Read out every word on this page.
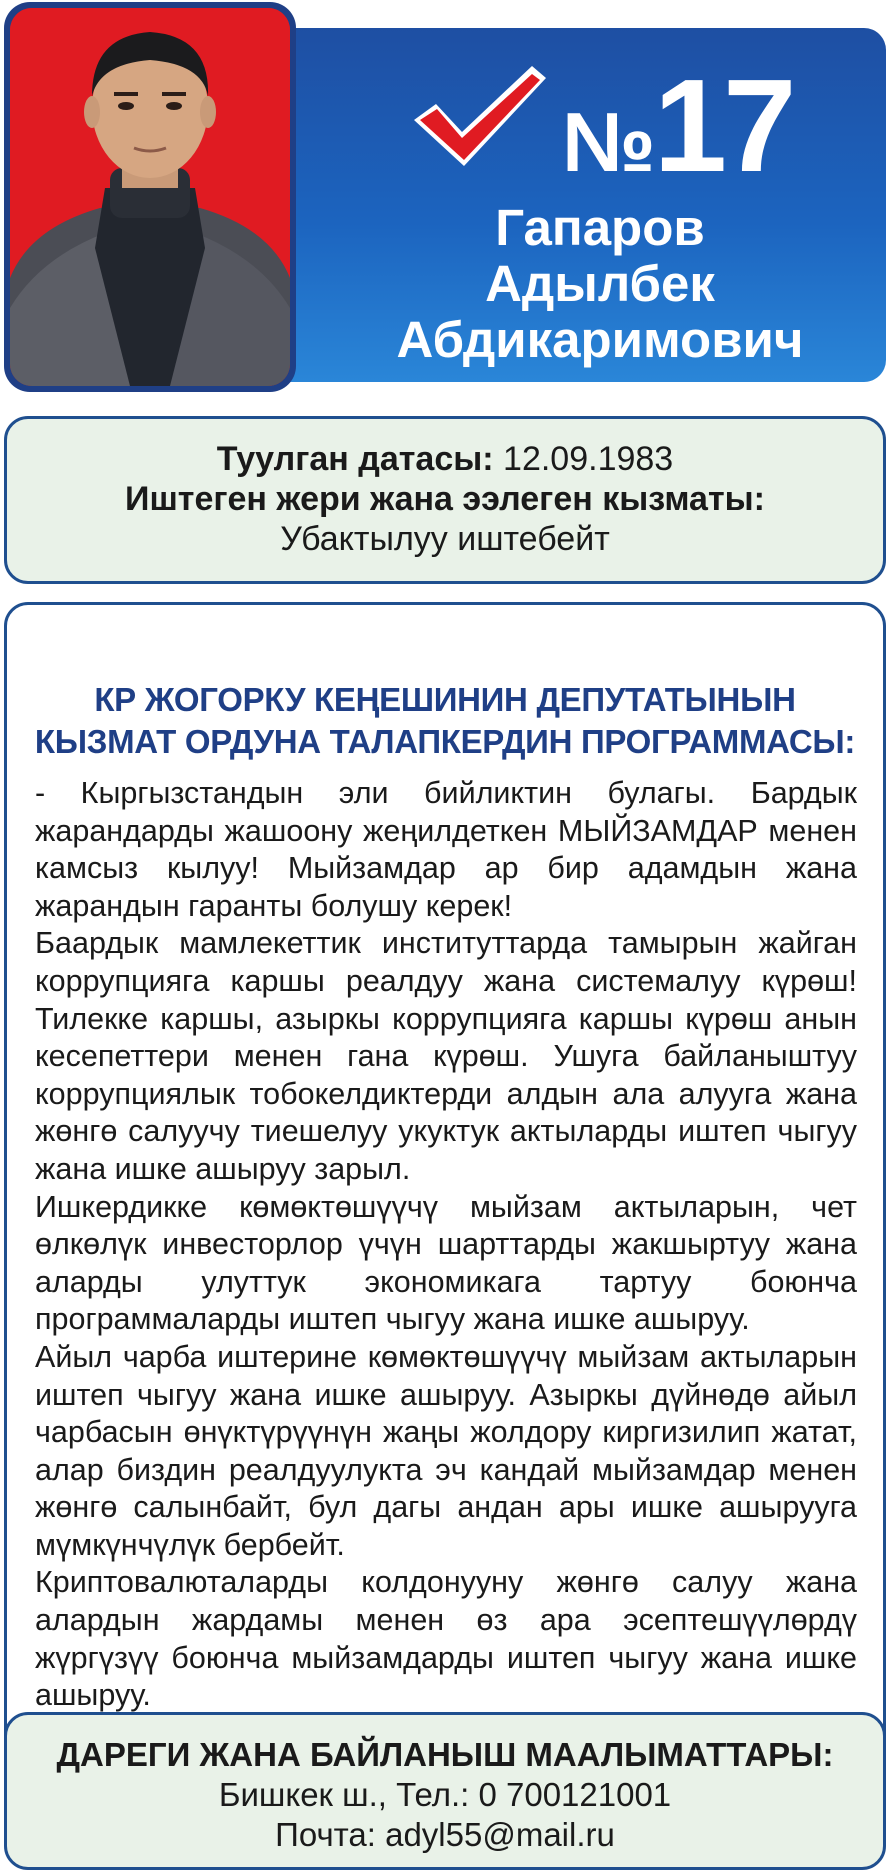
№17
Гапаров
Адылбек
Абдикаримович
Туулган датасы: 12.09.1983
Иштеген жери жана ээлеген кызматы:
Убактылуу иштебейт
КР ЖОГОРКУ КЕҢЕШИНИН ДЕПУТАТЫНЫН
КЫЗМАТ ОРДУНА ТАЛАПКЕРДИН ПРОГРАММАСЫ:

- Кыргызстандын эли бийликтин булагы. Бардык жарандарды жашоону жеңилдеткен МЫЙЗАМДАР менен камсыз кылуу! Мыйзамдар ар бир адамдын жана жарандын гаранты болушу керек!

Баардык мамлекеттик институттарда тамырын жайган коррупцияга каршы реалдуу жана системалуу күрөш! Тилекке каршы, азыркы коррупцияга каршы күрөш анын кесепеттери менен гана күрөш. Ушуга байланыштуу коррупциялык тобокелдиктерди алдын ала алууга жана жөнгө салуучу тиешелуу укуктук актыларды иштеп чыгуу жана ишке ашыруу зарыл.

Ишкердикке көмөктөшүүчү мыйзам актыларын, чет өлкөлүк инвесторлор үчүн шарттарды жакшыртуу жана аларды улуттук экономикага тартуу боюнча программаларды иштеп чыгуу жана ишке ашыруу.

Айыл чарба иштерине көмөктөшүүчү мыйзам актыларын иштеп чыгуу жана ишке ашыруу. Азыркы дүйнөдө айыл чарбасын өнүктүрүүнүн жаңы жолдору киргизилип жатат, алар биздин реалдуулукта эч кандай мыйзамдар менен жөнгө салынбайт, бул дагы андан ары ишке ашырууга мүмкүнчүлүк бербейт.

Криптовалюталарды колдонууну жөнгө салуу жана алардын жардамы менен өз ара эсептешүүлөрдү жүргүзүү боюнча мыйзамдарды иштеп чыгуу жана ишке ашыруу.

ДАРЕГИ ЖАНА БАЙЛАНЫШ МААЛЫМАТТАРЫ:
Бишкек ш., Тел.: 0 700121001
Почта: adyl55@mail.ru
